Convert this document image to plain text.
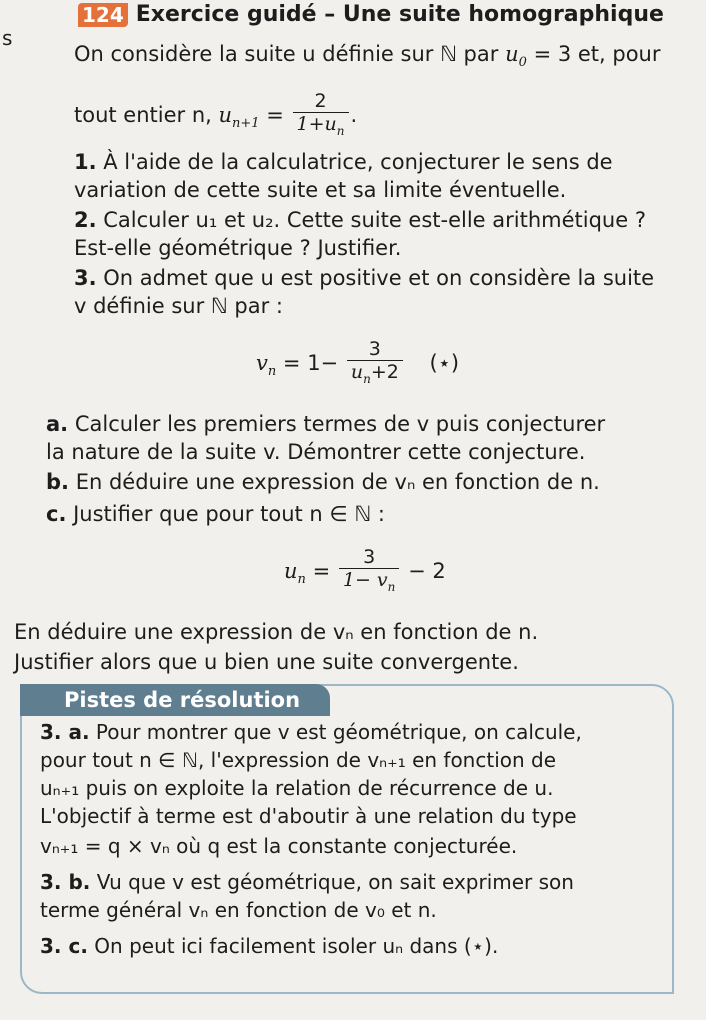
s
124 Exercice guidé – Une suite homographique
On considère la suite u définie sur ℕ par $u_0 = 3$ et, pour
tout entier n, $u_{n+1} = \frac{2}{1+u_n}$ .
1. À l'aide de la calculatrice, conjecturer le sens de
variation de cette suite et sa limite éventuelle.
2. Calculer u₁ et u₂. Cette suite est-elle arithmétique ?
Est-elle géométrique ? Justifier.
3. On admet que u est positive et on considère la suite
v définie sur ℕ par :
$v_n = 1- \frac{3}{u_n+2}$ (⋆)
a. Calculer les premiers termes de v puis conjecturer
la nature de la suite v. Démontrer cette conjecture.
b. En déduire une expression de vₙ en fonction de n.
c. Justifier que pour tout n ∈ ℕ :
$u_n = \frac{3}{1- v_n} - 2$
En déduire une expression de vₙ en fonction de n.
Justifier alors que u bien une suite convergente.
Pistes de résolution
3. a. Pour montrer que v est géométrique, on calcule,
pour tout n ∈ ℕ, l'expression de vₙ₊₁ en fonction de
uₙ₊₁ puis on exploite la relation de récurrence de u.
L'objectif à terme est d'aboutir à une relation du type
vₙ₊₁ = q × vₙ où q est la constante conjecturée.
3. b. Vu que v est géométrique, on sait exprimer son
terme général vₙ en fonction de v₀ et n.
3. c. On peut ici facilement isoler uₙ dans (⋆).
